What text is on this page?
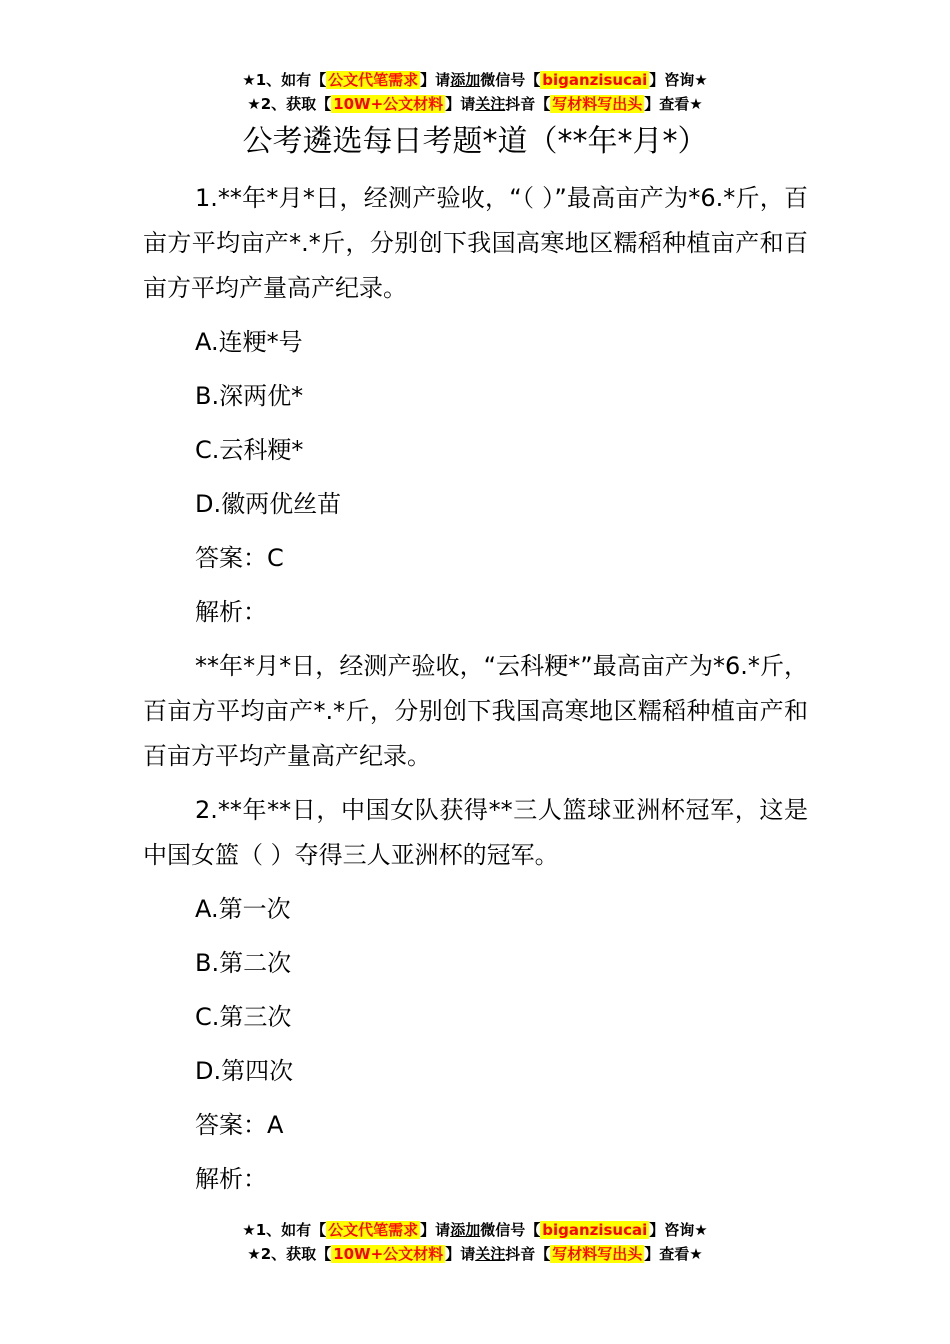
★1、如有【 公文代笔需求 】请添加微信号【 biganzisucai 】咨询★
★2、获取【 10W+公文材料 】请关注抖音【 写材料写出头 】查看★
公考遴选每日考题*道（**年*月*）

1.**年*月*日，经测产验收，“（ ）”最高亩产为*6.*斤，百亩方平均亩产*.*斤，分别创下我国高寒地区糯稻种植亩产和百亩方平均产量高产纪录。

A.连粳*号

B.深两优*

C.云科粳*

D.徽两优丝苗

答案：C

解析：

**年*月*日，经测产验收，“云科粳*”最高亩产为*6.*斤，百亩方平均亩产*.*斤，分别创下我国高寒地区糯稻种植亩产和百亩方平均产量高产纪录。

2.**年**日，中国女队获得**三人篮球亚洲杯冠军，这是中国女篮（ ）夺得三人亚洲杯的冠军。

A.第一次

B.第二次

C.第三次

D.第四次

答案：A

解析：

★1、如有【 公文代笔需求 】请添加微信号【 biganzisucai 】咨询★
★2、获取【 10W+公文材料 】请关注抖音【 写材料写出头 】查看★
